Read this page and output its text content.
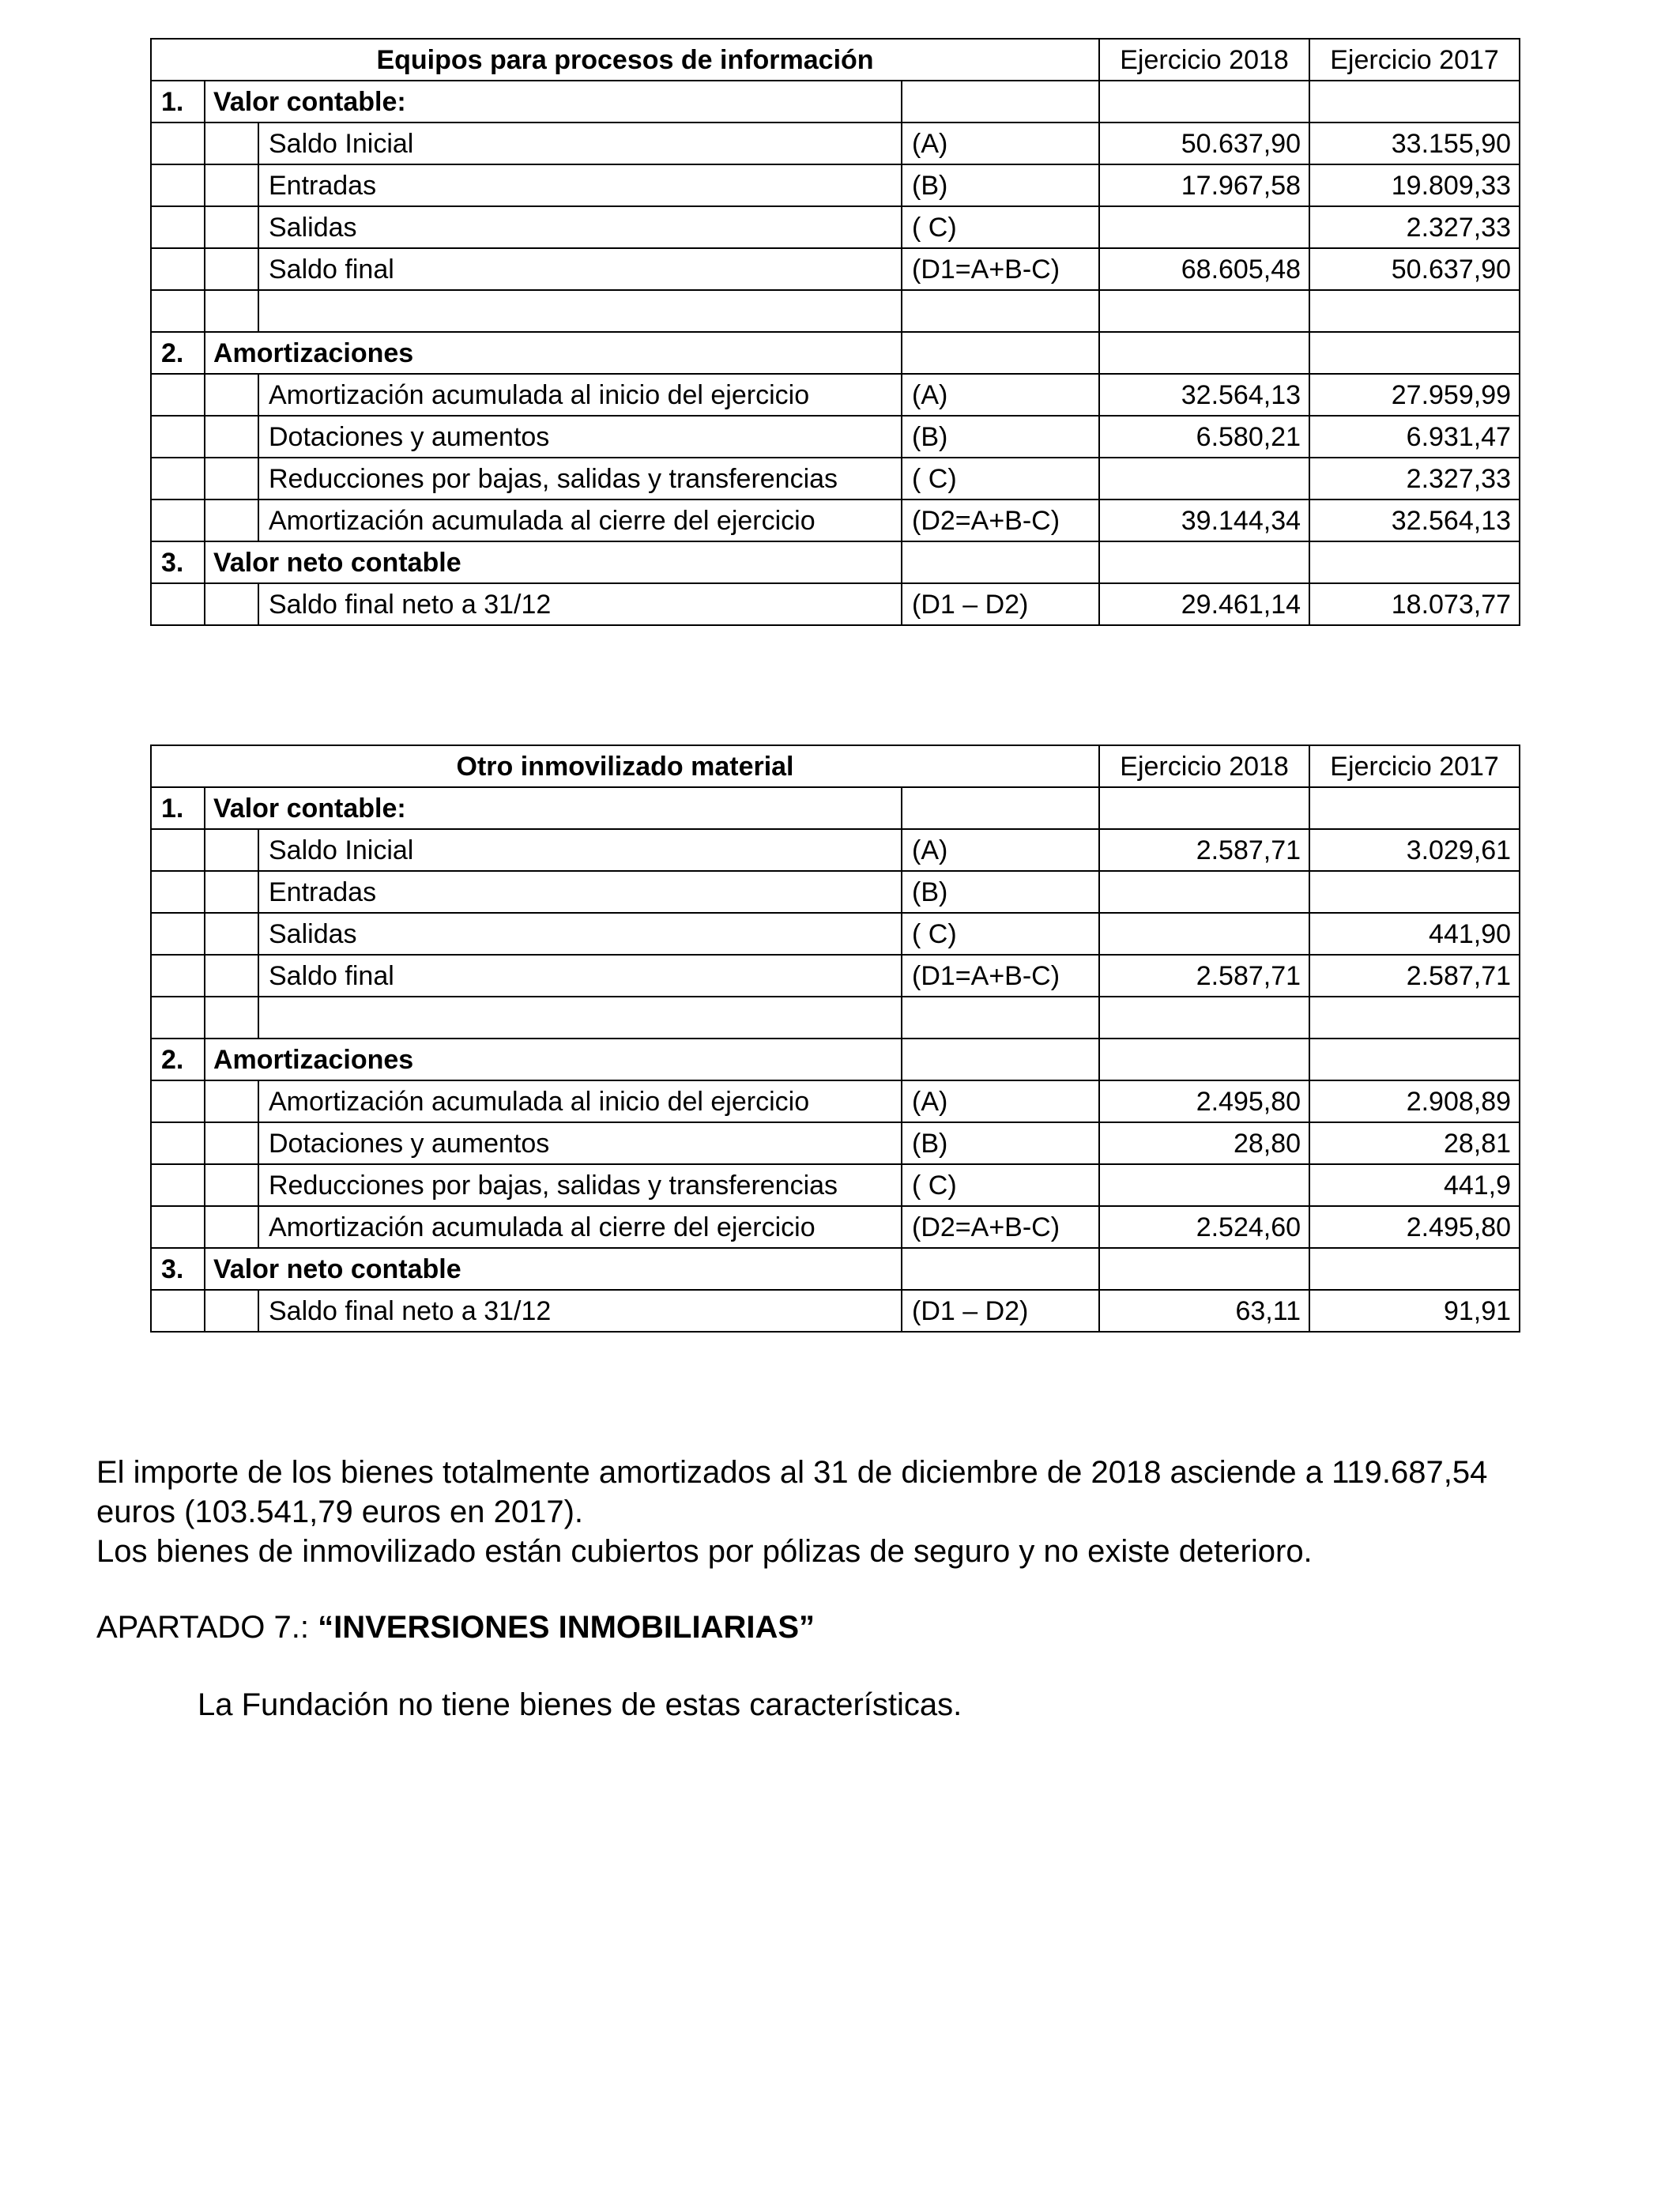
Equipos para procesos de información				Ejercicio 2018	Ejercicio 2017
1.	Valor contable:				
		Saldo Inicial	(A)	50.637,90	33.155,90
		Entradas	(B)	17.967,58	19.809,33
		Salidas	( C)		2.327,33
		Saldo final	(D1=A+B-C)	68.605,48	50.637,90

2.	Amortizaciones				
		Amortización acumulada al inicio del ejercicio	(A)	32.564,13	27.959,99
		Dotaciones y aumentos	(B)	6.580,21	6.931,47
		Reducciones por bajas, salidas y transferencias	( C)		2.327,33
		Amortización acumulada al cierre del ejercicio	(D2=A+B-C)	39.144,34	32.564,13
3.	Valor neto contable				
		Saldo final neto a 31/12	(D1 – D2)	29.461,14	18.073,77
Otro inmovilizado material				Ejercicio 2018	Ejercicio 2017
1.	Valor contable:				
		Saldo Inicial	(A)	2.587,71	3.029,61
		Entradas	(B)		
		Salidas	( C)		441,90
		Saldo final	(D1=A+B-C)	2.587,71	2.587,71

2.	Amortizaciones				
		Amortización acumulada al inicio del ejercicio	(A)	2.495,80	2.908,89
		Dotaciones y aumentos	(B)	28,80	28,81
		Reducciones por bajas, salidas y transferencias	( C)		441,9
		Amortización acumulada al cierre del ejercicio	(D2=A+B-C)	2.524,60	2.495,80
3.	Valor neto contable				
		Saldo final neto a 31/12	(D1 – D2)	63,11	91,91

El importe de los bienes totalmente amortizados al 31 de diciembre de 2018 asciende a 119.687,54
euros (103.541,79 euros en 2017).

Los bienes de inmovilizado están cubiertos por pólizas de seguro y no existe deterioro.

APARTADO 7.: “INVERSIONES INMOBILIARIAS”

La Fundación no tiene bienes de estas características.
